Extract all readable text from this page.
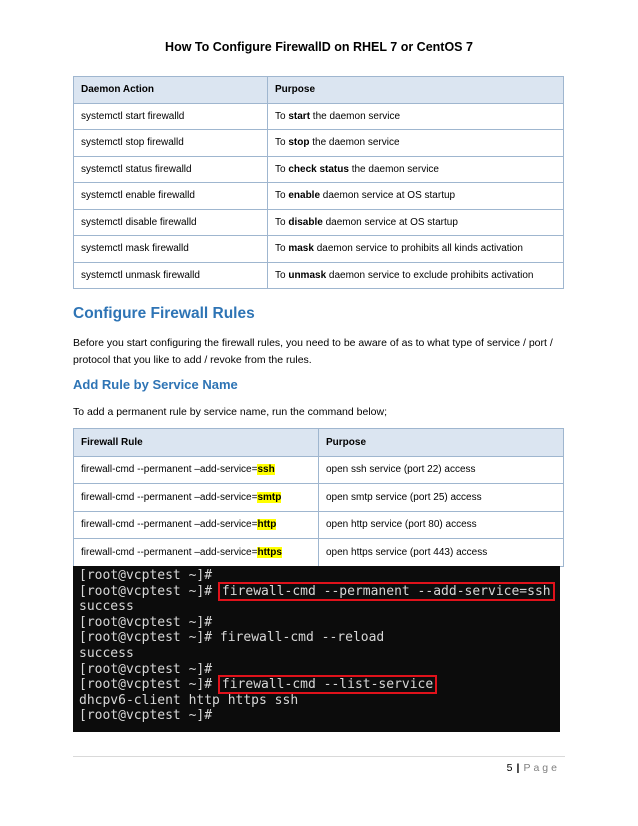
How To Configure FirewallD on RHEL 7 or CentOS 7
Daemon Action	Purpose
systemctl start firewalld	To start the daemon service
systemctl stop firewalld	To stop the daemon service
systemctl status firewalld	To check status the daemon service
systemctl enable firewalld	To enable daemon service at OS startup
systemctl disable firewalld	To disable daemon service at OS startup
systemctl mask firewalld	To mask daemon service to prohibits all kinds activation
systemctl unmask firewalld	To unmask daemon service to exclude prohibits activation
Configure Firewall Rules
Before you start configuring the firewall rules, you need to be aware of as to what type of service / port / protocol that you like to add / revoke from the rules.
Add Rule by Service Name
To add a permanent rule by service name, run the command below;
Firewall Rule	Purpose
firewall-cmd --permanent –add-service=ssh	open ssh service (port 22) access
firewall-cmd --permanent –add-service=smtp	open smtp service (port 25) access
firewall-cmd --permanent –add-service=http	open http service (port 80) access
firewall-cmd --permanent –add-service=https	open https service (port 443) access
[root@vcptest ~]#
[root@vcptest ~]# firewall-cmd --permanent --add-service=ssh
success
[root@vcptest ~]#
[root@vcptest ~]# firewall-cmd --reload
success
[root@vcptest ~]#
[root@vcptest ~]# firewall-cmd --list-service
dhcpv6-client http https ssh
[root@vcptest ~]#
5 | Page
